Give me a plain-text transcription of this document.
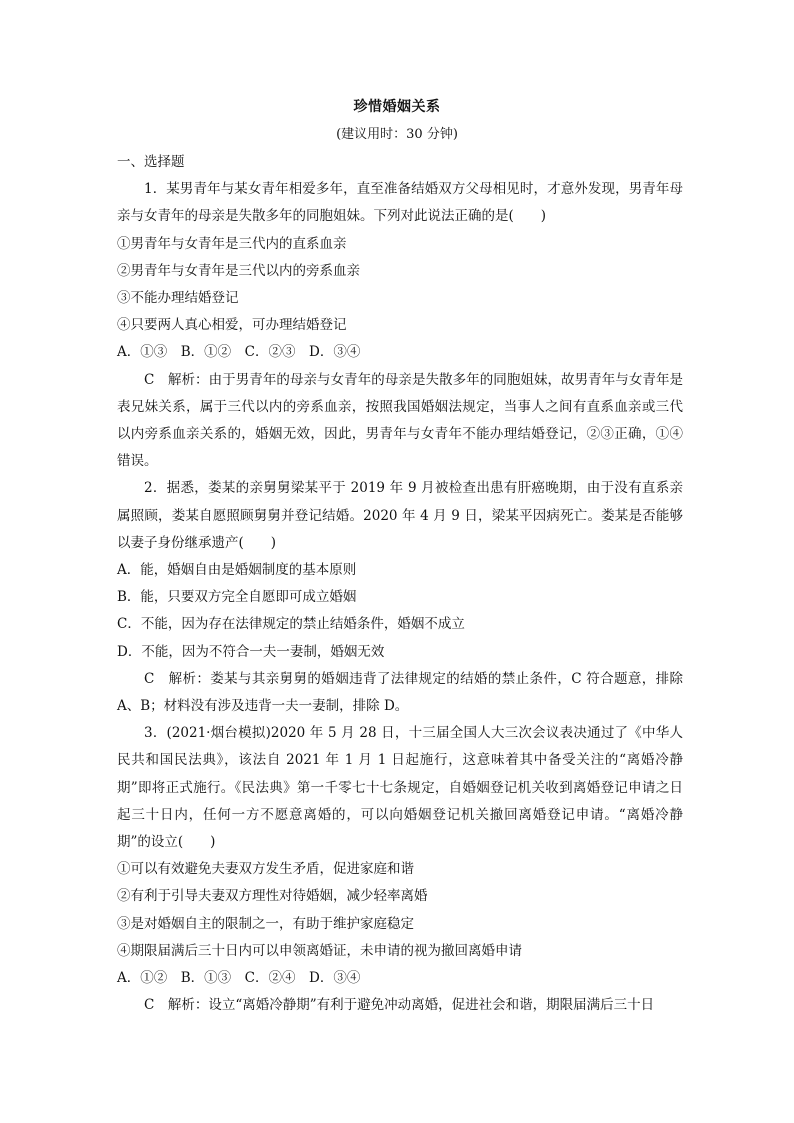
珍惜婚姻关系
(建议用时：30 分钟)

一、选择题

1．某男青年与某女青年相爱多年，直至准备结婚双方父母相见时，才意外发现，男青年母亲与女青年的母亲是失散多年的同胞姐妹。下列对此说法正确的是(　　)

①男青年与女青年是三代内的直系血亲

②男青年与女青年是三代以内的旁系血亲

③不能办理结婚登记

④只要两人真心相爱，可办理结婚登记

A．①③　B．①②　C．②③　D．③④

C　解析：由于男青年的母亲与女青年的母亲是失散多年的同胞姐妹，故男青年与女青年是表兄妹关系，属于三代以内的旁系血亲，按照我国婚姻法规定，当事人之间有直系血亲或三代以内旁系血亲关系的，婚姻无效，因此，男青年与女青年不能办理结婚登记，②③正确，①④错误。

2．据悉，娄某的亲舅舅梁某平于 2019 年 9 月被检查出患有肝癌晚期，由于没有直系亲属照顾，娄某自愿照顾舅舅并登记结婚。2020 年 4 月 9 日，梁某平因病死亡。娄某是否能够以妻子身份继承遗产(　　)

A．能，婚姻自由是婚姻制度的基本原则

B．能，只要双方完全自愿即可成立婚姻

C．不能，因为存在法律规定的禁止结婚条件，婚姻不成立

D．不能，因为不符合一夫一妻制，婚姻无效

C　解析：娄某与其亲舅舅的婚姻违背了法律规定的结婚的禁止条件，C 符合题意，排除 A、B；材料没有涉及违背一夫一妻制，排除 D。

3．(2021·烟台模拟)2020 年 5 月 28 日，十三届全国人大三次会议表决通过了《中华人民共和国民法典》，该法自 2021 年 1 月 1 日起施行，这意味着其中备受关注的“离婚冷静期”即将正式施行。《民法典》第一千零七十七条规定，自婚姻登记机关收到离婚登记申请之日起三十日内，任何一方不愿意离婚的，可以向婚姻登记机关撤回离婚登记申请。“离婚冷静期”的设立(　　)

①可以有效避免夫妻双方发生矛盾，促进家庭和谐

②有利于引导夫妻双方理性对待婚姻，减少轻率离婚

③是对婚姻自主的限制之一，有助于维护家庭稳定

④期限届满后三十日内可以申领离婚证，未申请的视为撤回离婚申请

A．①②　B．①③　C．②④　D．③④

C　解析：设立“离婚冷静期”有利于避免冲动离婚，促进社会和谐，期限届满后三十日
